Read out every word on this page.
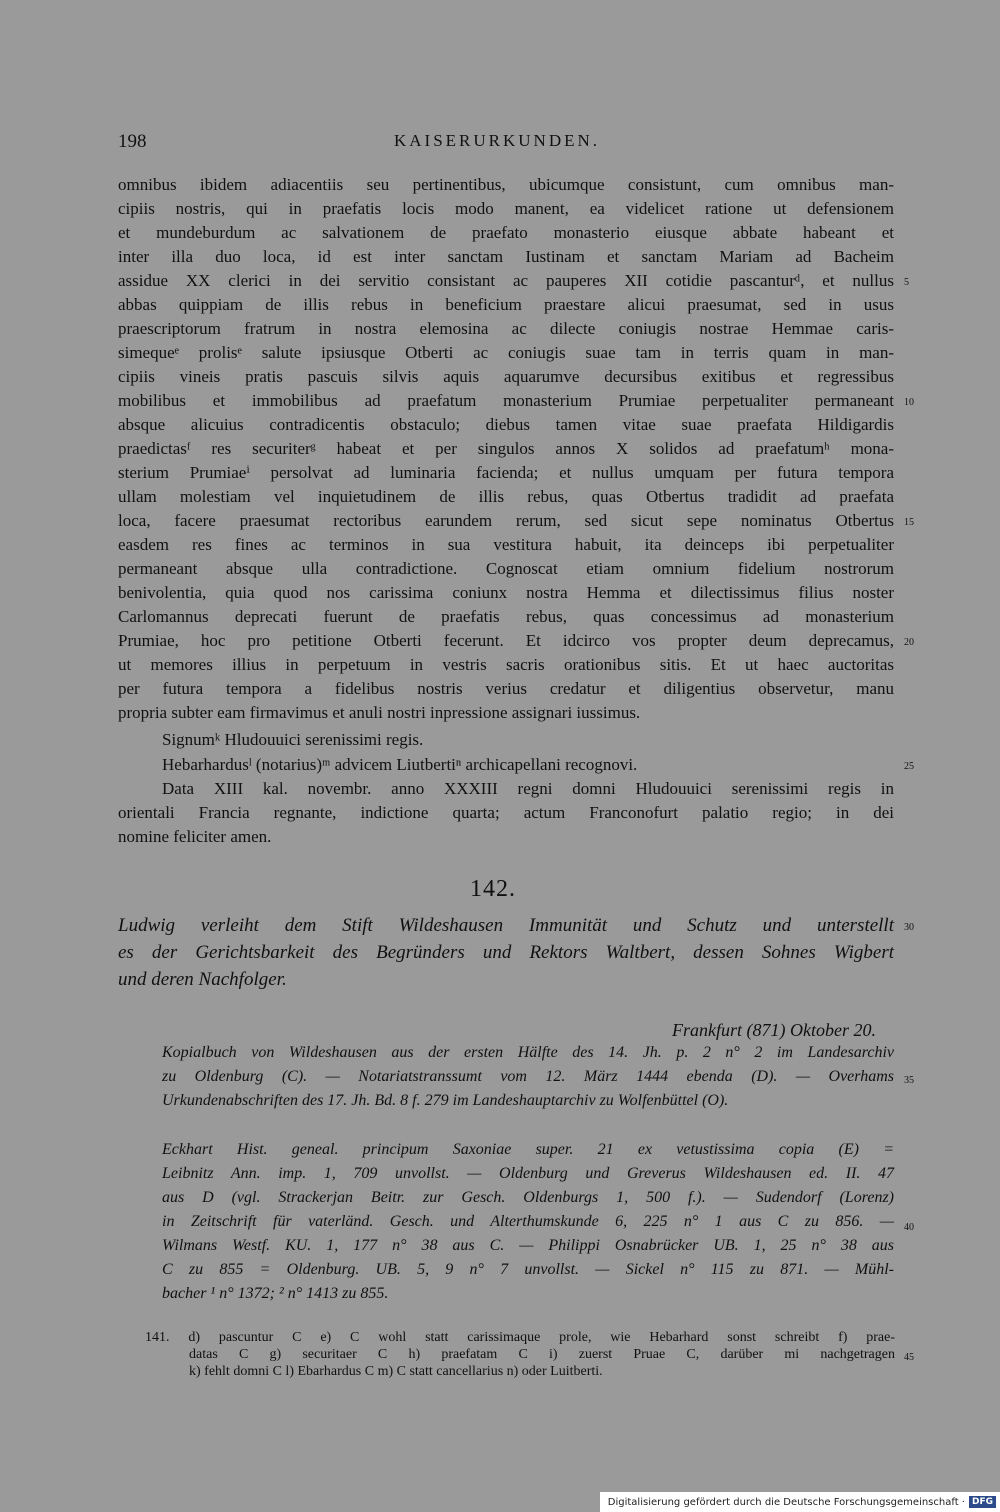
198	KAISERURKUNDEN.
omnibus ibidem adiacentiis seu pertinentibus, ubicumque consistunt, cum omnibus man-
cipiis nostris, qui in praefatis locis modo manent, ea videlicet ratione ut defensionem
et mundeburdum ac salvationem de praefato monasterio eiusque abbate habeant et
inter illa duo loca, id est inter sanctam Iustinam et sanctam Mariam ad Bacheim
assidue XX clerici in dei servitio consistant ac pauperes XII cotidie pascanturᵈ, et nullus
abbas quippiam de illis rebus in beneficium praestare alicui praesumat, sed in usus
praescriptorum fratrum in nostra elemosina ac dilecte coniugis nostrae Hemmae caris-
simequeᵉ prolisᵉ salute ipsiusque Otberti ac coniugis suae tam in terris quam in man-
cipiis vineis pratis pascuis silvis aquis aquarumve decursibus exitibus et regressibus
mobilibus et immobilibus ad praefatum monasterium Prumiae perpetualiter permaneant
absque alicuius contradicentis obstaculo; diebus tamen vitae suae praefata Hildigardis
praedictasᶠ res securiterᵍ habeat et per singulos annos X solidos ad praefatumʰ mona-
sterium Prumiaeⁱ persolvat ad luminaria facienda; et nullus umquam per futura tempora
ullam molestiam vel inquietudinem de illis rebus, quas Otbertus tradidit ad praefata
loca, facere praesumat rectoribus earundem rerum, sed sicut sepe nominatus Otbertus
easdem res fines ac terminos in sua vestitura habuit, ita deinceps ibi perpetualiter
permaneant absque ulla contradictione. Cognoscat etiam omnium fidelium nostrorum
benivolentia, quia quod nos carissima coniunx nostra Hemma et dilectissimus filius noster
Carlomannus deprecati fuerunt de praefatis rebus, quas concessimus ad monasterium
Prumiae, hoc pro petitione Otberti fecerunt. Et idcirco vos propter deum deprecamus,
ut memores illius in perpetuum in vestris sacris orationibus sitis. Et ut haec auctoritas
per futura tempora a fidelibus nostris verius credatur et diligentius observetur, manu
propria subter eam firmavimus et anuli nostri inpressione assignari iussimus.
Signumᵏ Hludouuici serenissimi regis.
Hebarhardusˡ (notarius)ᵐ advicem Liutbertiⁿ archicapellani recognovi.
Data XIII kal. novembr. anno XXXIII regni domni Hludouuici serenissimi regis in
orientali Francia regnante, indictione quarta; actum Franconofurt palatio regio; in dei
nomine feliciter amen.
142.
Ludwig verleiht dem Stift Wildeshausen Immunität und Schutz und unterstellt
es der Gerichtsbarkeit des Begründers und Rektors Waltbert, dessen Sohnes Wigbert
und deren Nachfolger.
Frankfurt (871) Oktober 20.
Kopialbuch von Wildeshausen aus der ersten Hälfte des 14. Jh. p. 2 n° 2 im Landesarchiv
zu Oldenburg (C). — Notariatstranssumt vom 12. März 1444 ebenda (D). — Overhams
Urkundenabschriften des 17. Jh. Bd. 8 f. 279 im Landeshauptarchiv zu Wolfenbüttel (O).
Eckhart Hist. geneal. principum Saxoniae super. 21 ex vetustissima copia (E) =
Leibnitz Ann. imp. 1, 709 unvollst. — Oldenburg und Greverus Wildeshausen ed. II. 47
aus D (vgl. Strackerjan Beitr. zur Gesch. Oldenburgs 1, 500 f.). — Sudendorf (Lorenz)
in Zeitschrift für vaterländ. Gesch. und Alterthumskunde 6, 225 n° 1 aus C zu 856. —
Wilmans Westf. KU. 1, 177 n° 38 aus C. — Philippi Osnabrücker UB. 1, 25 n° 38 aus
C zu 855 = Oldenburg. UB. 5, 9 n° 7 unvollst. — Sickel n° 115 zu 871. — Mühl-
bacher ¹ n° 1372; ² n° 1413 zu 855.
141. d) pascuntur C e) C wohl statt carissimaque prole, wie Hebarhard sonst schreibt f) prae-
datas C g) securitaer C h) praefatam C i) zuerst Pruae C, darüber mi nachgetragen
k) fehlt domni C l) Ebarhardus C m) C statt cancellarius n) oder Luitberti.
5
10
15
20
25
30
35
40
45
Digitalisierung gefördert durch die Deutsche Forschungsgemeinschaft · DFG
